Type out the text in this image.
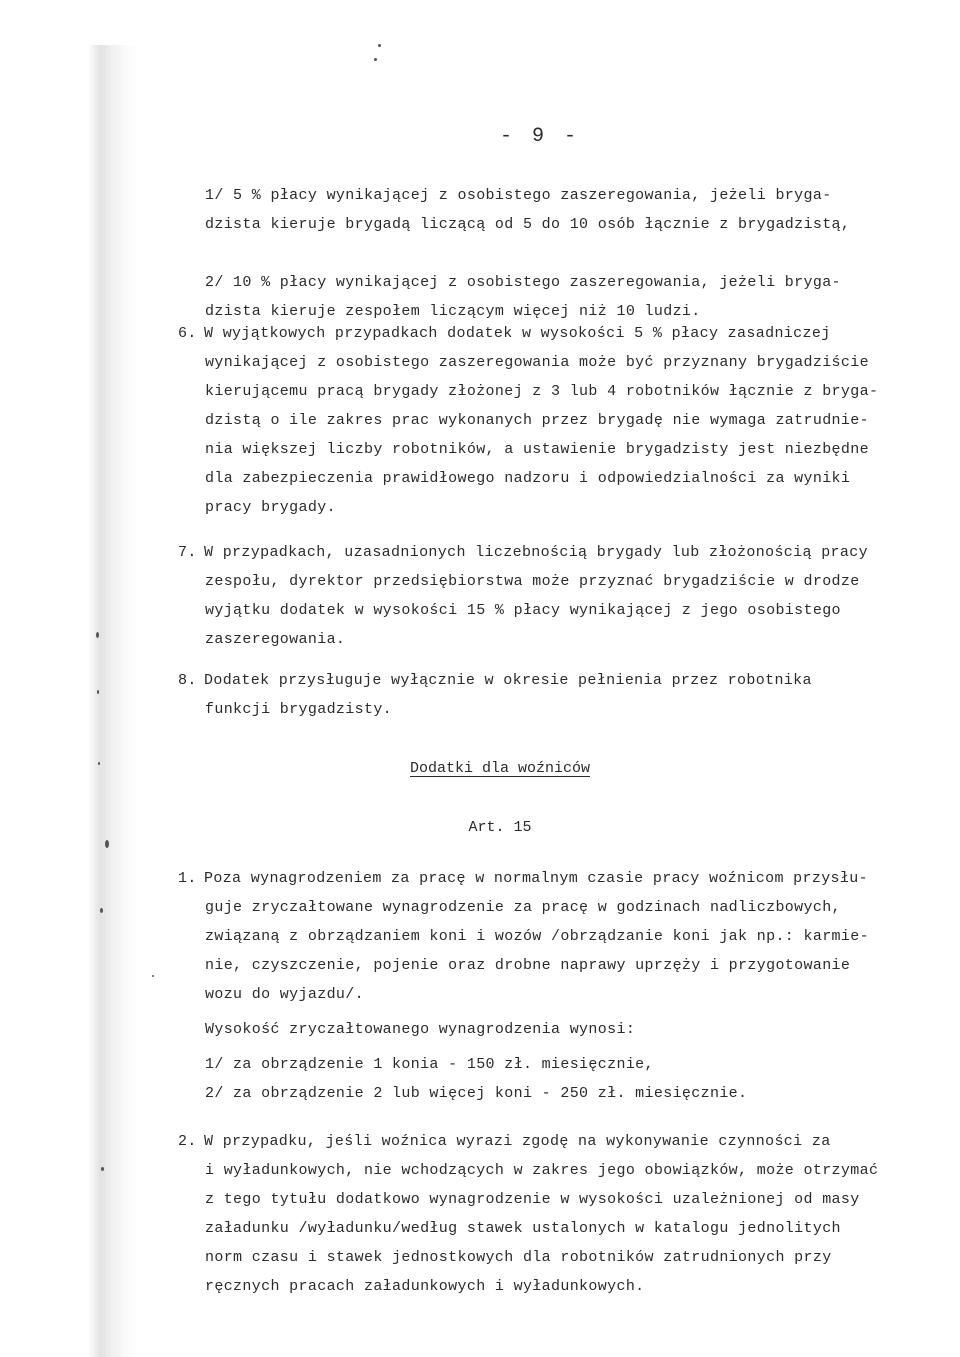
- 9 -
1/ 5 % płacy wynikającej z osobistego zaszeregowania, jeżeli bryga-
dzista kieruje brygadą liczącą od 5 do 10 osób łącznie z brygadzistą,
2/ 10 % płacy wynikającej z osobistego zaszeregowania, jeżeli bryga-
dzista kieruje zespołem liczącym więcej niż 10 ludzi.
6. W wyjątkowych przypadkach dodatek w wysokości 5 % płacy zasadniczej
wynikającej z osobistego zaszeregowania może być przyznany brygadziście
kierującemu pracą brygady złożonej z 3 lub 4 robotników łącznie z bryga-
dzistą o ile zakres prac wykonanych przez brygadę nie wymaga zatrudnie-
nia większej liczby robotników, a ustawienie brygadzisty jest niezbędne
dla zabezpieczenia prawidłowego nadzoru i odpowiedzialności za wyniki
pracy brygady.
7. W przypadkach, uzasadnionych liczebnością brygady lub złożonością pracy
zespołu, dyrektor przedsiębiorstwa może przyznać brygadziście w drodze
wyjątku dodatek w wysokości 15 % płacy wynikającej z jego osobistego
zaszeregowania.
8. Dodatek przysługuje wyłącznie w okresie pełnienia przez robotnika
funkcji brygadzisty.
Dodatki dla woźniców
Art. 15
1. Poza wynagrodzeniem za pracę w normalnym czasie pracy woźnicom przysłu-
guje zryczałtowane wynagrodzenie za pracę w godzinach nadliczbowych,
związaną z obrządzaniem koni i wozów /obrządzanie koni jak np.: karmie-
nie, czyszczenie, pojenie oraz drobne naprawy uprzęży i przygotowanie
wozu do wyjazdu/.
Wysokość zryczałtowanego wynagrodzenia wynosi:
1/ za obrządzenie 1 konia - 150 zł. miesięcznie,
2/ za obrządzenie 2 lub więcej koni - 250 zł. miesięcznie.
2. W przypadku, jeśli woźnica wyrazi zgodę na wykonywanie czynności za
i wyładunkowych, nie wchodzących w zakres jego obowiązków, może otrzymać
z tego tytułu dodatkowo wynagrodzenie w wysokości uzależnionej od masy
załadunku /wyładunku/według stawek ustalonych w katalogu jednolitych
norm czasu i stawek jednostkowych dla robotników zatrudnionych przy
ręcznych pracach załadunkowych i wyładunkowych.
